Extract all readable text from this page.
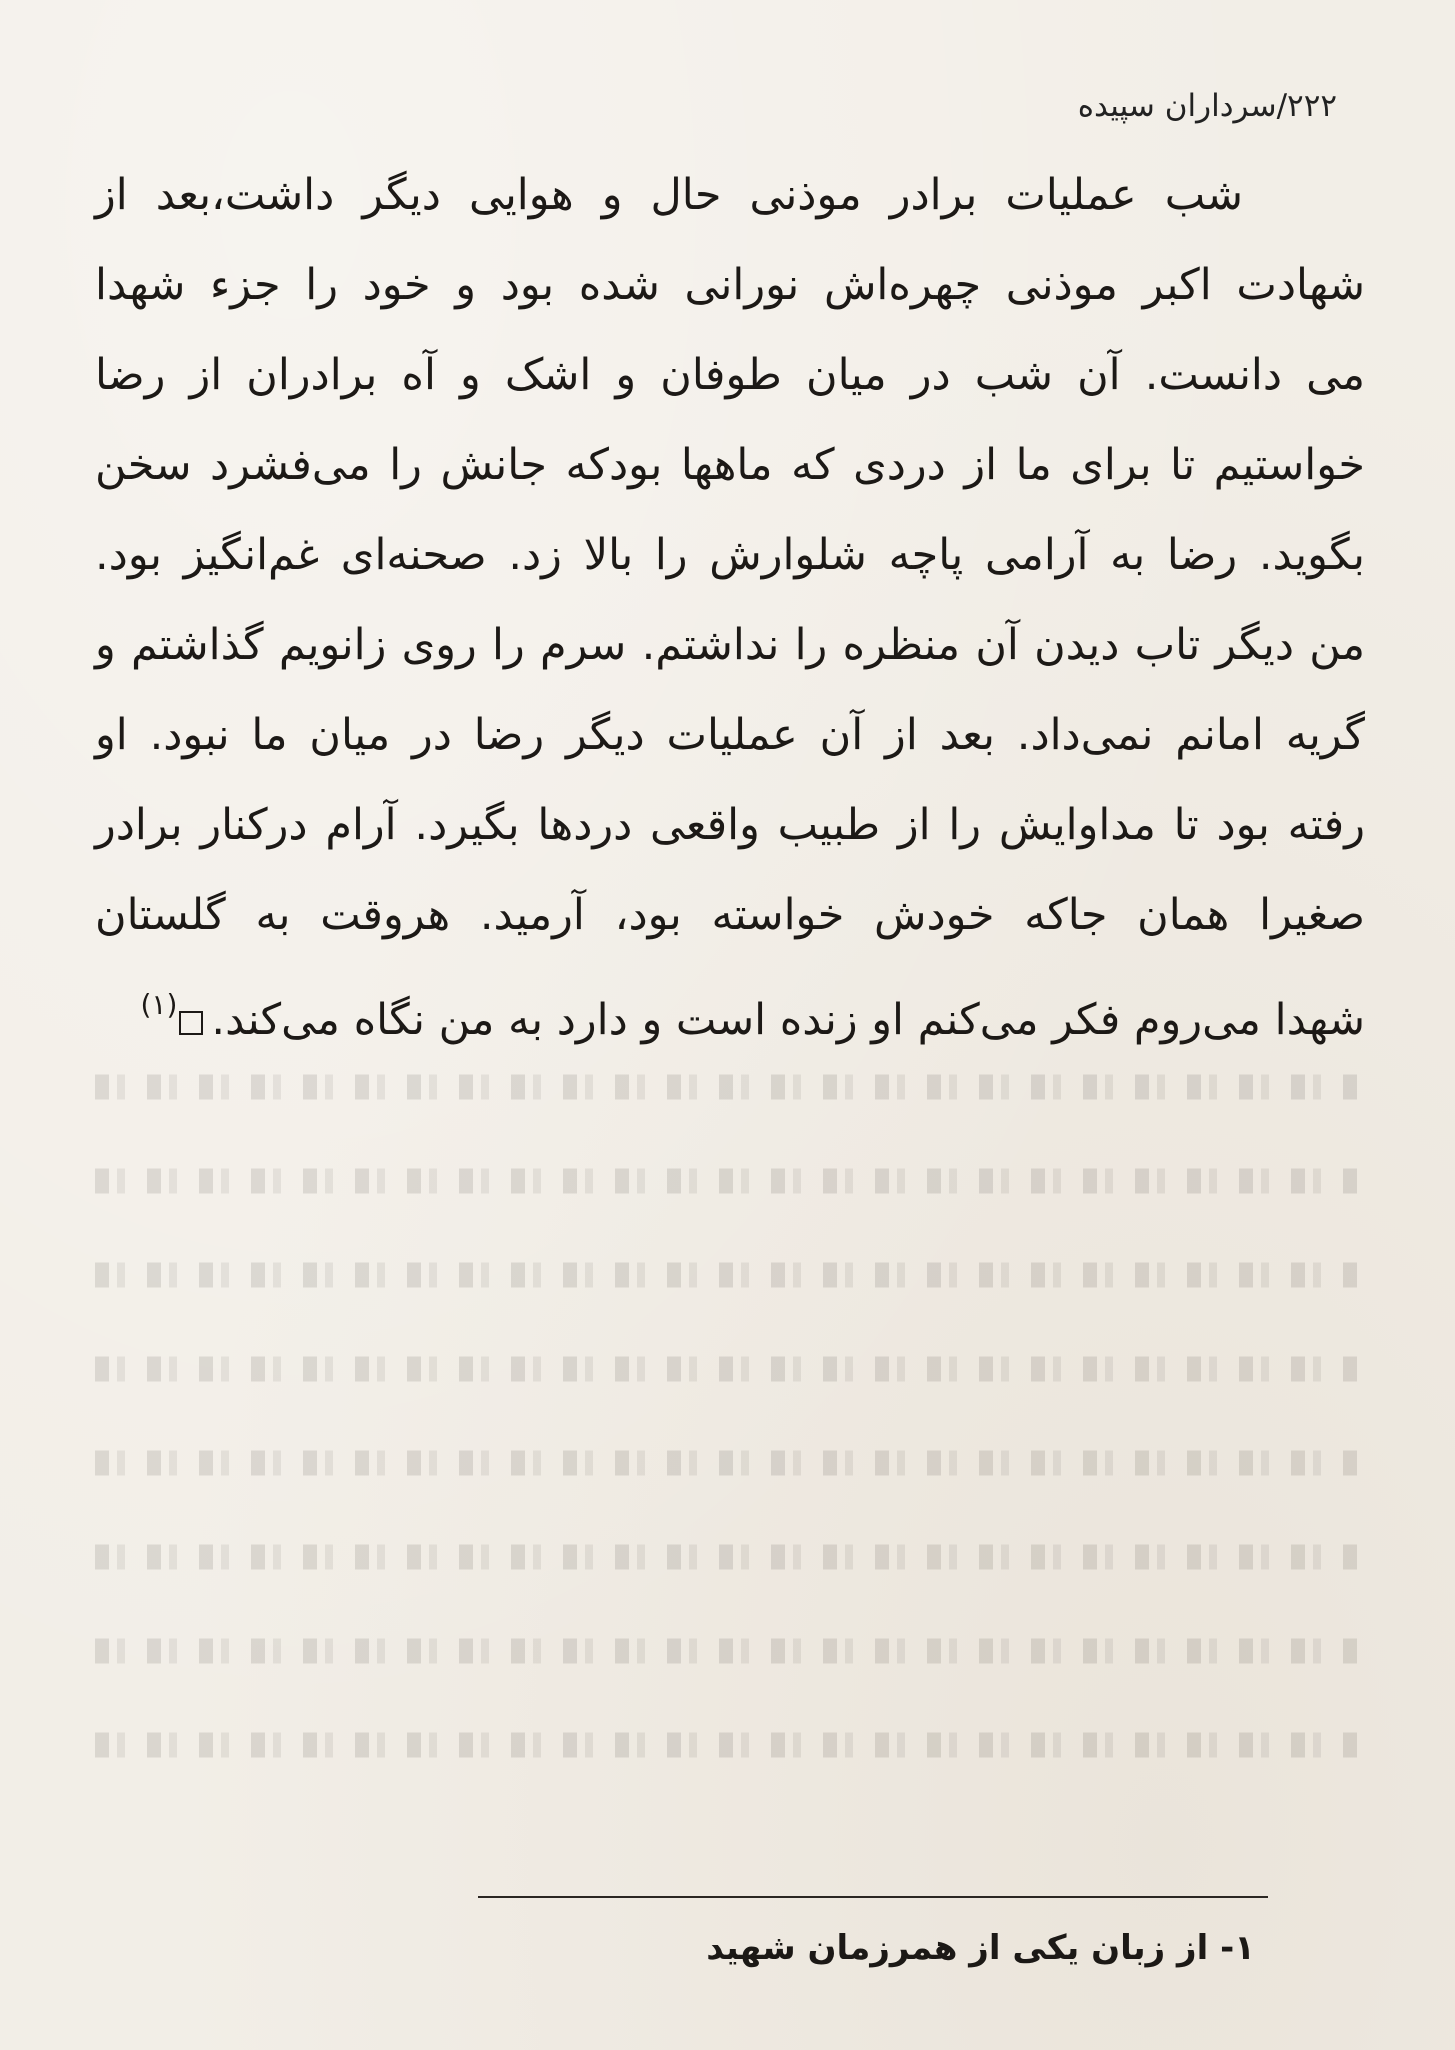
۲۲۲/سرداران سپیده
شب عملیات برادر موذنی حال و هوایی دیگر داشت،بعد از
شهادت اکبر موذنی چهره‌اش نورانی شده بود و خود را جزء شهدا
می دانست. آن شب در میان طوفان و اشک و آه برادران از رضا
خواستیم تا برای ما از دردی که ماهها بودکه جانش را می‌فشرد سخن
بگوید. رضا به آرامی پاچه شلوارش را بالا زد. صحنه‌ای غم‌انگیز بود.
من دیگر تاب دیدن آن منظره را نداشتم. سرم را روی زانویم گذاشتم و
گریه امانم نمی‌داد. بعد از آن عملیات دیگر رضا در میان ما نبود. او
رفته بود تا مداوایش را از طبیب واقعی دردها بگیرد. آرام درکنار برادر
صغیرا همان جاکه خودش خواسته بود، آرمید. هروقت به گلستان
شهدا می‌روم فکر می‌کنم او زنده است و دارد به من نگاه می‌کند.$^{(۱)}$
۱- از زبان یکی از همرزمان شهید
